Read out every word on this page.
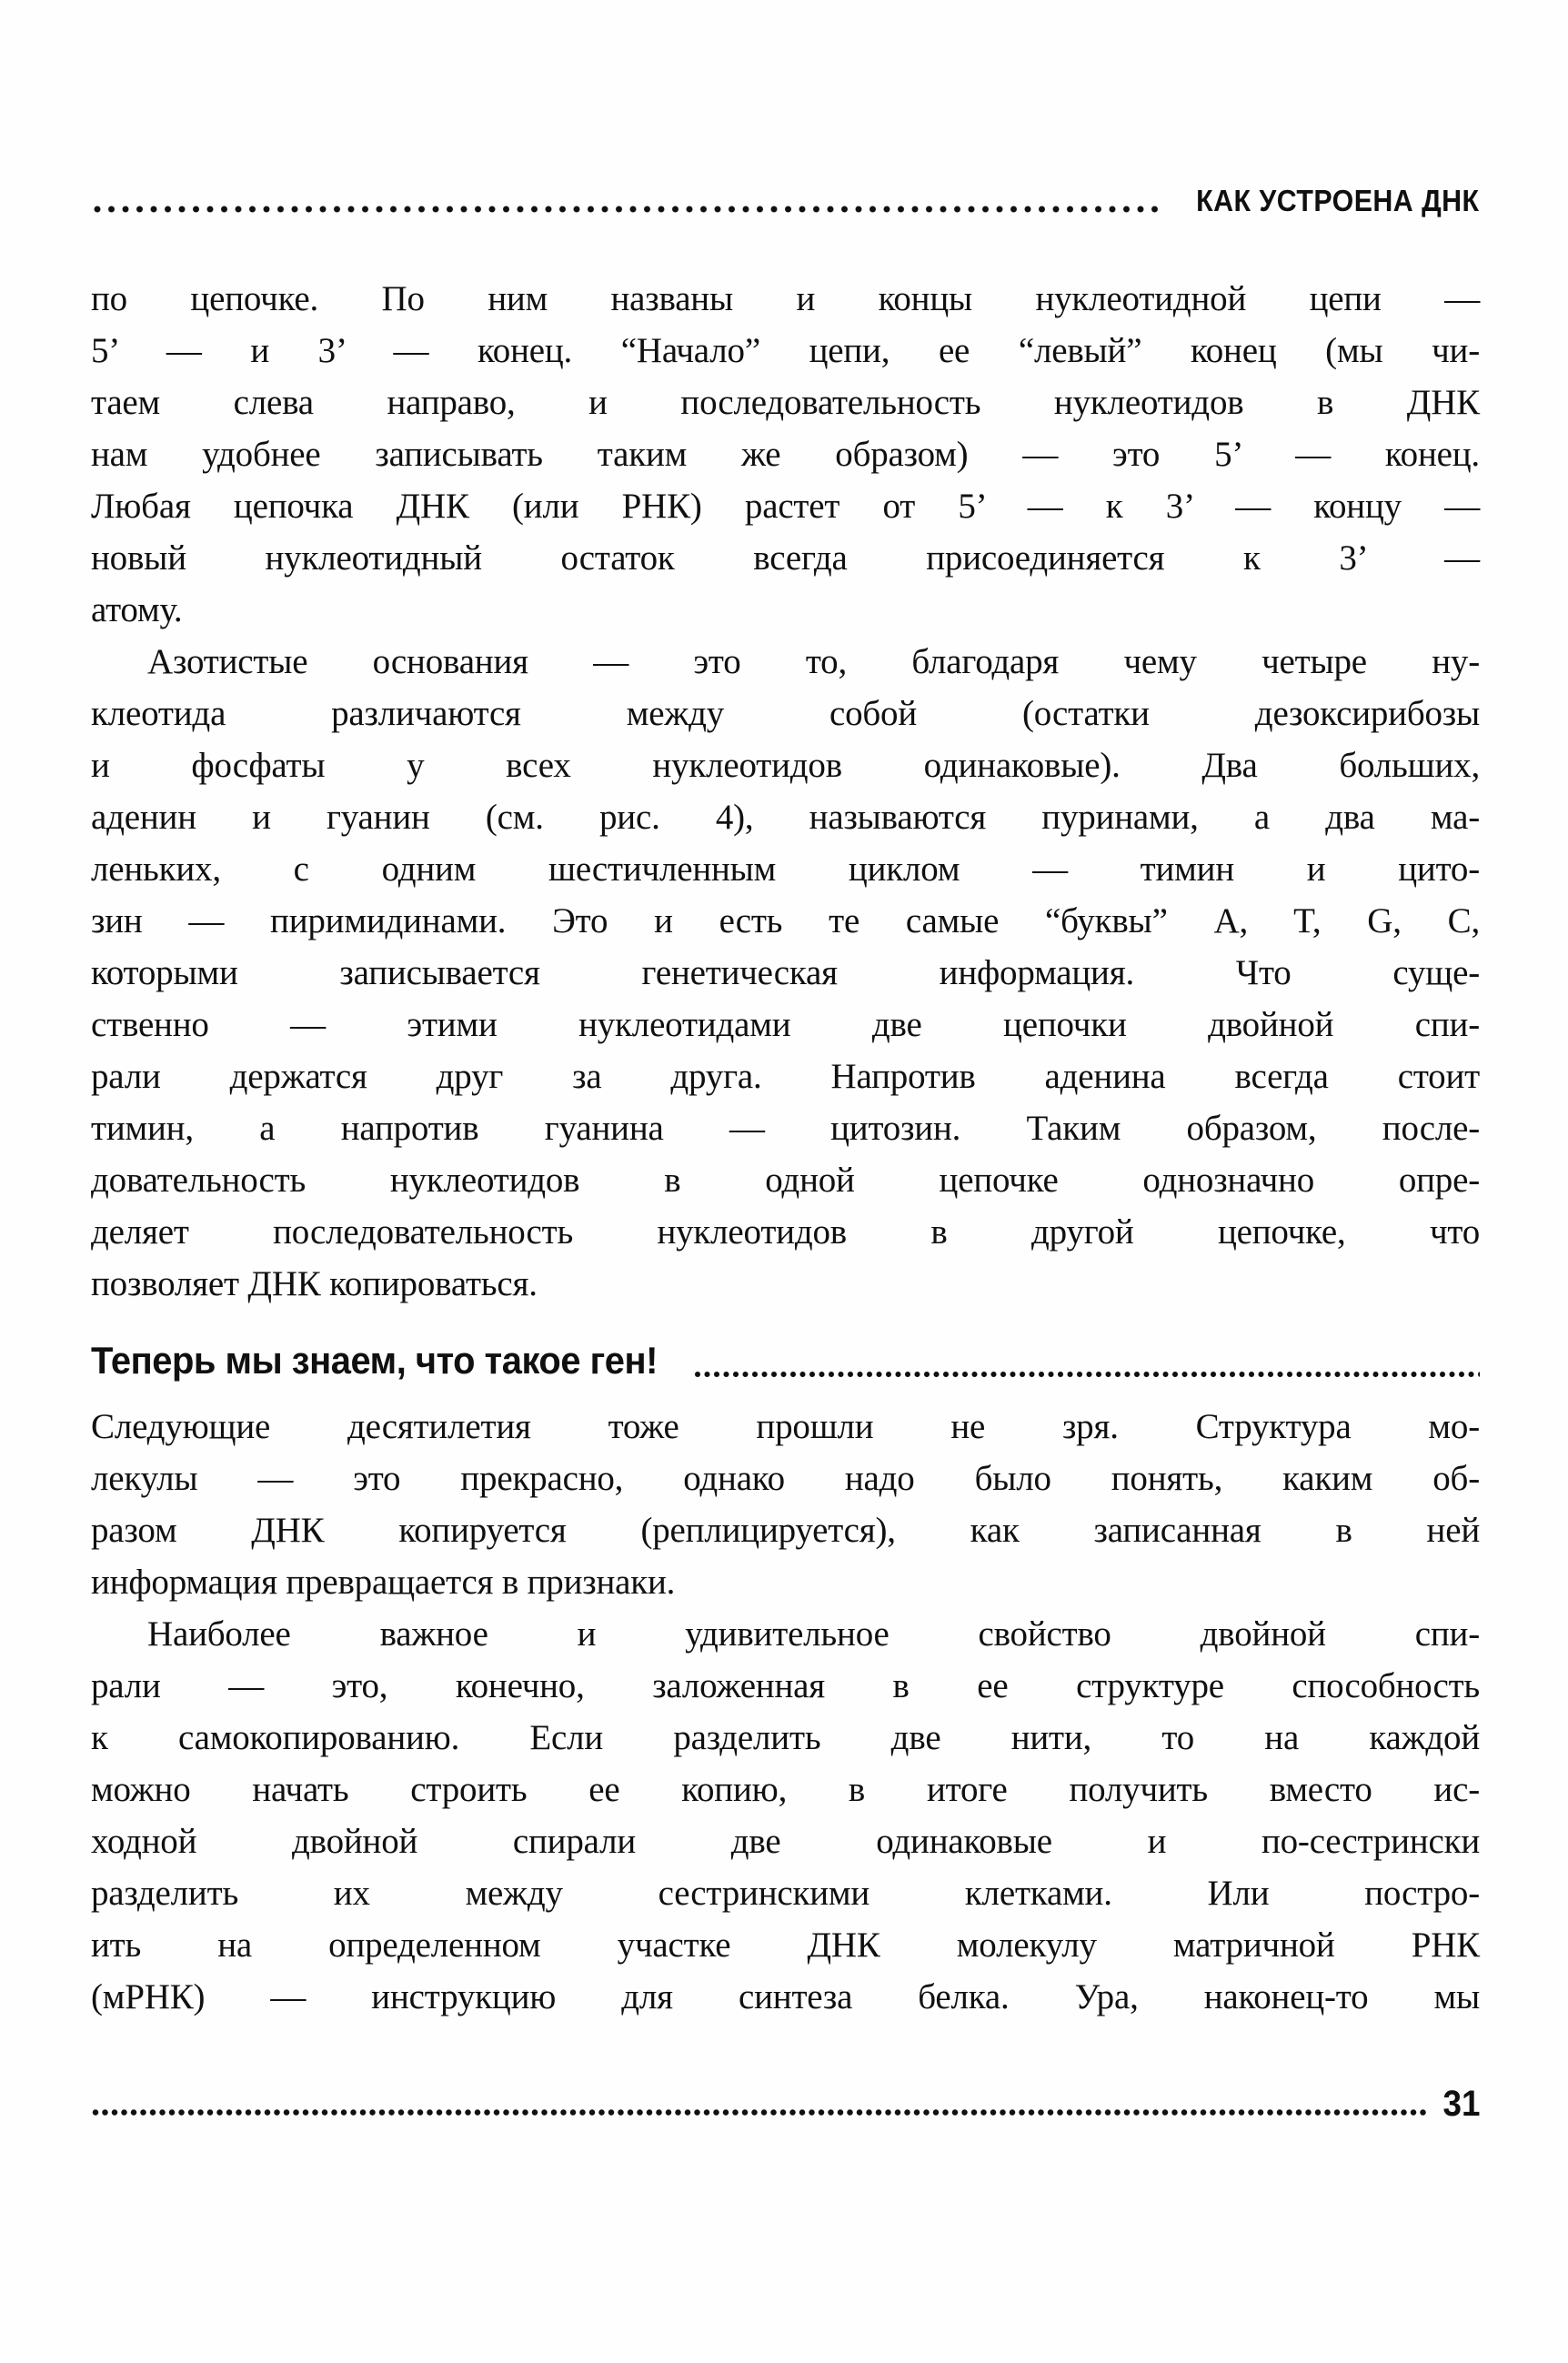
КАК УСТРОЕНА ДНК
по цепочке. По ним названы и концы нуклеотидной цепи —
5’ — и 3’ — конец. “Начало” цепи, ее “левый” конец (мы чи-
таем слева направо, и последовательность нуклеотидов в ДНК
нам удобнее записывать таким же образом) — это 5’ — конец.
Любая цепочка ДНК (или РНК) растет от 5’ — к 3’ — концу —
новый нуклеотидный остаток всегда присоединяется к 3’ —
атому.
Азотистые основания — это то, благодаря чему четыре ну-
клеотида различаются между собой (остатки дезоксирибозы
и фосфаты у всех нуклеотидов одинаковые). Два больших,
аденин и гуанин (см. рис. 4), называются пуринами, а два ма-
леньких, с одним шестичленным циклом — тимин и цито-
зин — пиримидинами. Это и есть те самые “буквы” A, T, G, C,
которыми записывается генетическая информация. Что суще-
ственно — этими нуклеотидами две цепочки двойной спи-
рали держатся друг за друга. Напротив аденина всегда стоит
тимин, а напротив гуанина — цитозин. Таким образом, после-
довательность нуклеотидов в одной цепочке однозначно опре-
деляет последовательность нуклеотидов в другой цепочке, что
позволяет ДНК копироваться.
Теперь мы знаем, что такое ген!
Следующие десятилетия тоже прошли не зря. Структура мо-
лекулы — это прекрасно, однако надо было понять, каким об-
разом ДНК копируется (реплицируется), как записанная в ней
информация превращается в признаки.
Наиболее важное и удивительное свойство двойной спи-
рали — это, конечно, заложенная в ее структуре способность
к самокопированию. Если разделить две нити, то на каждой
можно начать строить ее копию, в итоге получить вместо ис-
ходной двойной спирали две одинаковые и по-сестрински
разделить их между сестринскими клетками. Или постро-
ить на определенном участке ДНК молекулу матричной РНК
(мРНК) — инструкцию для синтеза белка. Ура, наконец-то мы
31
